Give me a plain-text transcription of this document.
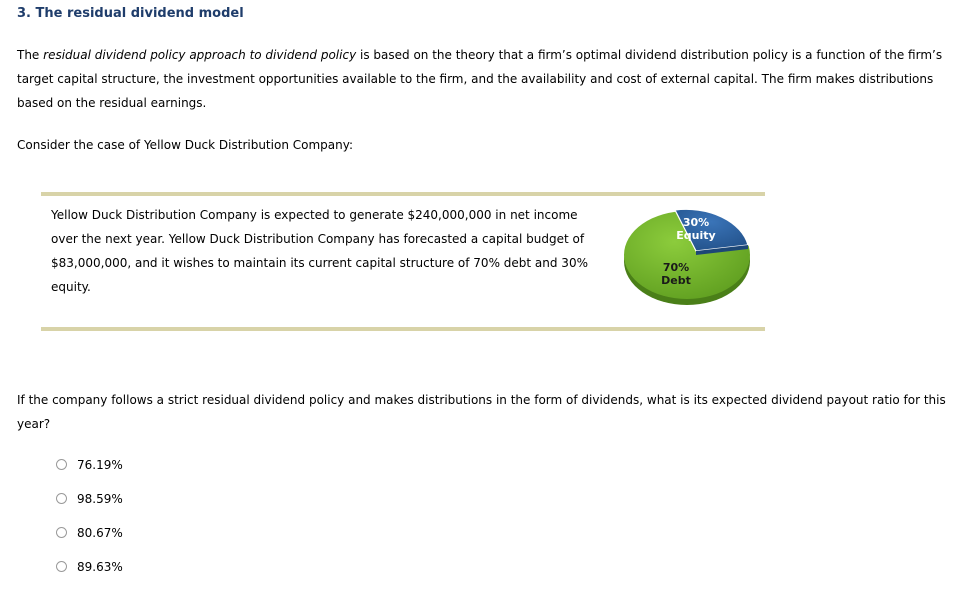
3. The residual dividend model
The residual dividend policy approach to dividend policy is based on the theory that a firm’s optimal dividend distribution policy is a function of the firm’s target capital structure, the investment opportunities available to the firm, and the availability and cost of external capital. The firm makes distributions based on the residual earnings.
Consider the case of Yellow Duck Distribution Company:
Yellow Duck Distribution Company is expected to generate $240,000,000 in net income over the next year. Yellow Duck Distribution Company has forecasted a capital budget of $83,000,000, and it wishes to maintain its current capital structure of 70% debt and 30% equity.
30%
Equity
70%
Debt
If the company follows a strict residual dividend policy and makes distributions in the form of dividends, what is its expected dividend payout ratio for this year?
76.19%
98.59%
80.67%
89.63%
